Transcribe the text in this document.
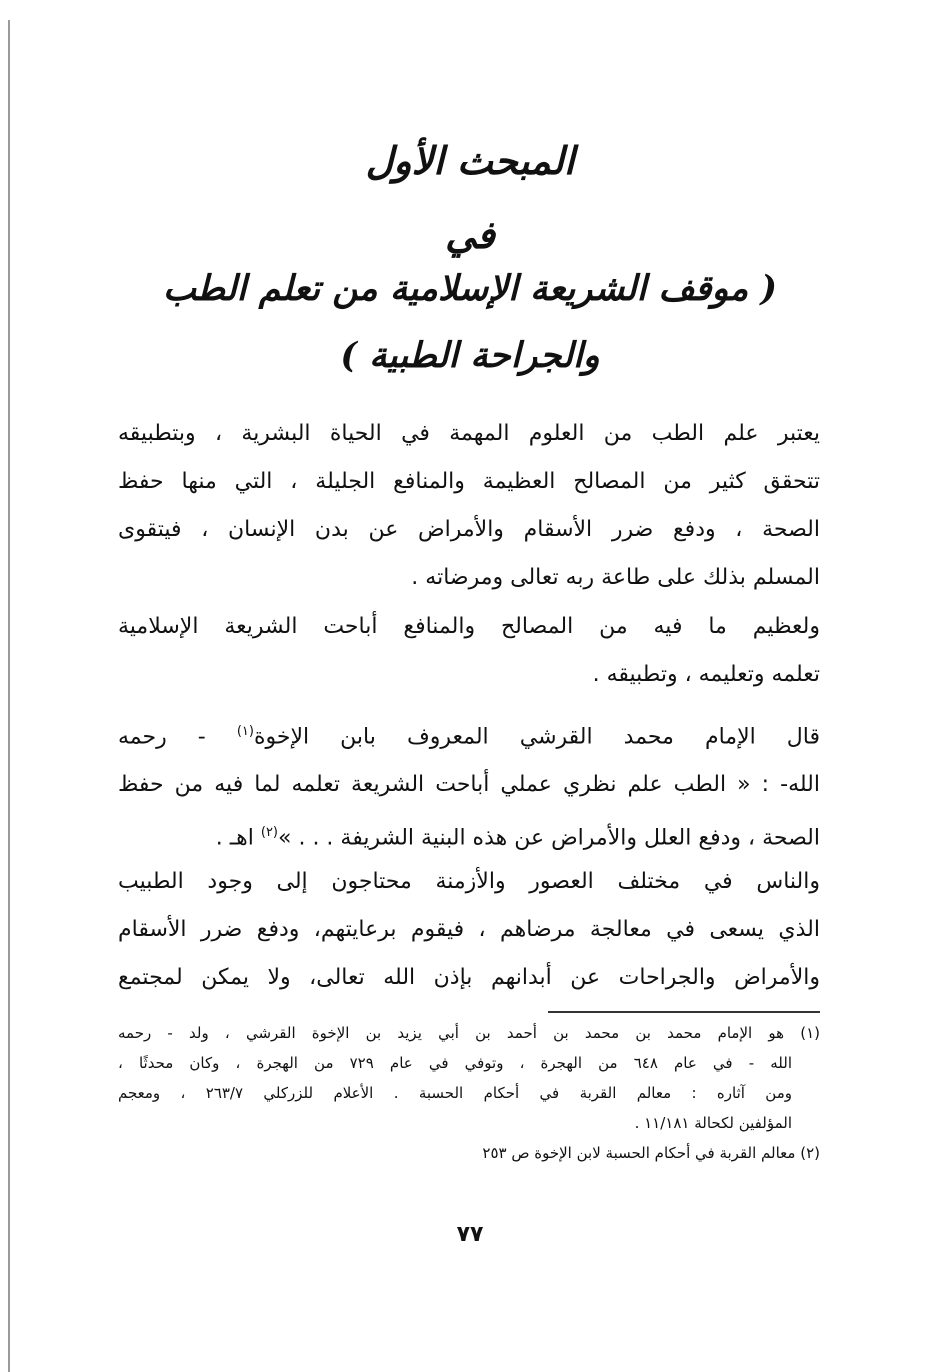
المبحث الأول
في
( موقف الشريعة الإسلامية من تعلم الطب
والجراحة الطبية )
يعتبر علم الطب من العلوم المهمة في الحياة البشرية ، وبتطبيقه
تتحقق كثير من المصالح العظيمة والمنافع الجليلة ، التي منها حفظ
الصحة ، ودفع ضرر الأسقام والأمراض عن بدن الإنسان ، فيتقوى
المسلم بذلك على طاعة ربه تعالى ومرضاته .
ولعظيم ما فيه من المصالح والمنافع أباحت الشريعة الإسلامية
تعلمه وتعليمه ، وتطبيقه .
قال الإمام محمد القرشي المعروف بابن الإخوة$^{(١)}$ - رحمه
الله- : « الطب علم نظري عملي أباحت الشريعة تعلمه لما فيه من حفظ
الصحة ، ودفع العلل والأمراض عن هذه البنية الشريفة . . . »$^{(٢)}$ اهـ .
والناس في مختلف العصور والأزمنة محتاجون إلى وجود الطبيب
الذي يسعى في معالجة مرضاهم ، فيقوم برعايتهم، ودفع ضرر الأسقام
والأمراض والجراحات عن أبدانهم بإذن الله تعالى، ولا يمكن لمجتمع
(١) هو الإمام محمد بن محمد بن أحمد بن أبي يزيد بن الإخوة القرشي ، ولد - رحمه
الله - في عام ٦٤٨ من الهجرة ، وتوفي في عام ٧٢٩ من الهجرة ، وكان محدثًا ،
ومن آثاره : معالم القربة في أحكام الحسبة . الأعلام للزركلي ٢٦٣/٧ ، ومعجم
المؤلفين لكحالة ١١/١٨١ .
(٢) معالم القربة في أحكام الحسبة لابن الإخوة ص ٢٥٣
٧٧
